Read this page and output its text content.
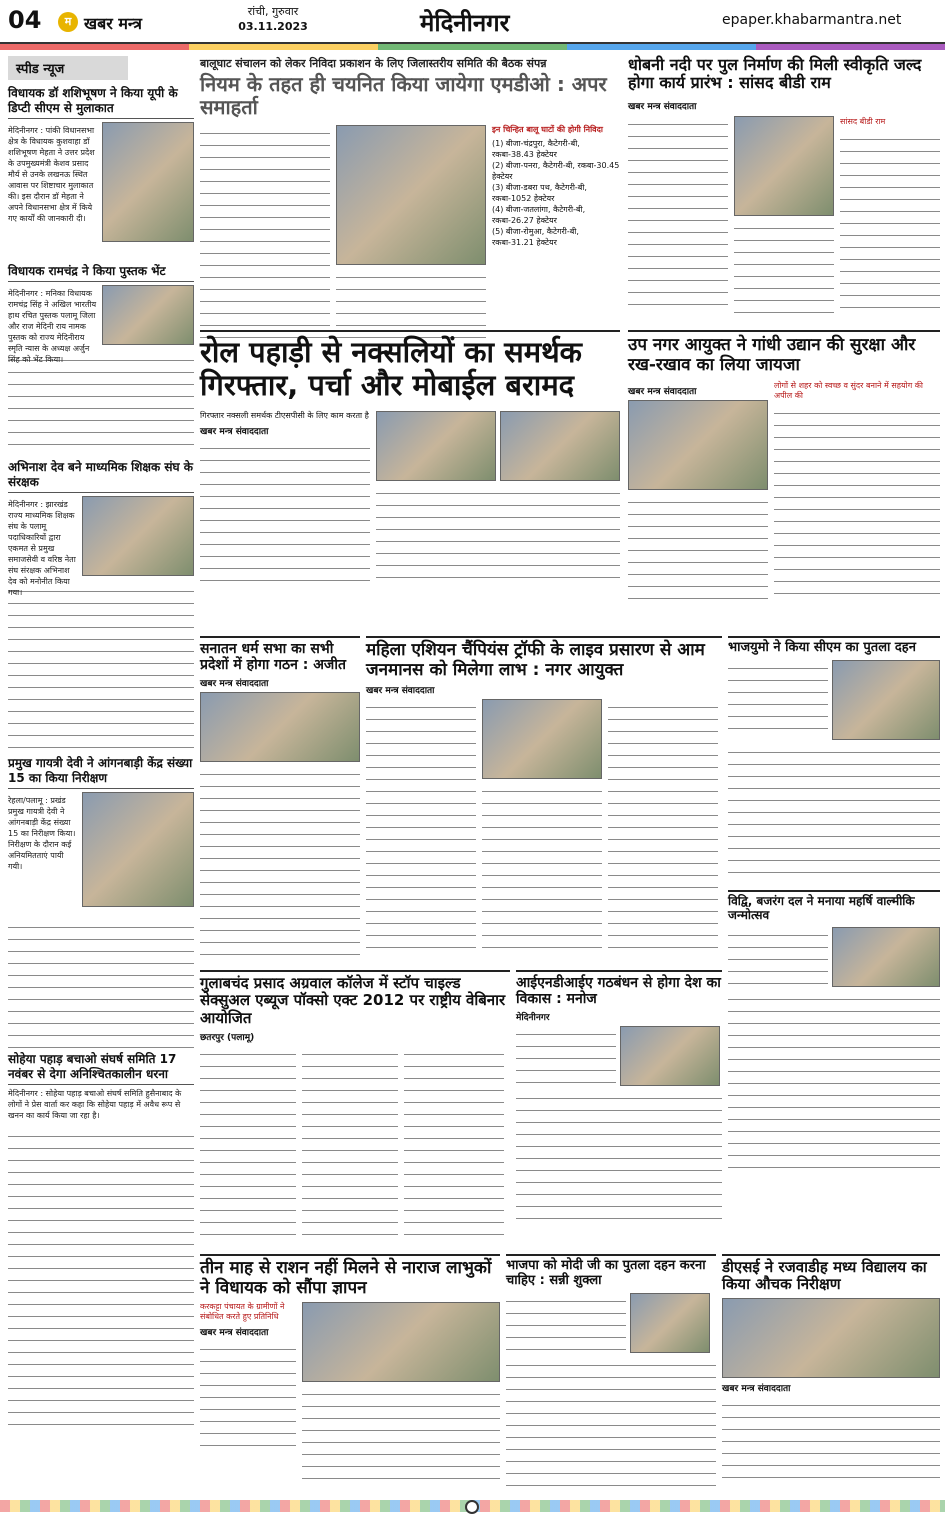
04	म खबर मन्त्र
रांची, गुरुवार
03.11.2023	मेदिनीनगर	epaper.khabarmantra.net
स्पीड न्यूज
विधायक डॉ शशिभूषण ने किया यूपी के डिप्टी सीएम से मुलाकात
मेदिनीनगर : पांकी विधानसभा क्षेत्र के विधायक कुशवाहा डॉ शशिभूषण मेहता ने उत्तर प्रदेश के उपमुख्यमंत्री केशव प्रसाद मौर्य से उनके लखनऊ स्थित आवास पर शिष्टाचार मुलाकात की। इस दौरान डॉ मेहता ने अपने विधानसभा क्षेत्र में किये गए कार्यों की जानकारी दी।
विधायक रामचंद्र ने किया पुस्तक भेंट
मेदिनीनगर : मनिका विधायक रामचंद्र सिंह ने अखिल भारतीय हाथ रचित पुस्तक पलामू जिला और राज मेदिनी राय नामक पुस्तक को राज्य मेदिनीराय स्मृति न्यास के अध्यक्ष अर्जुन सिंह को भेंट किया।
अभिनाश देव बने माध्यमिक शिक्षक संघ के संरक्षक
मेदिनीनगर : झारखंड राज्य माध्यमिक शिक्षक संघ के पलामू पदाधिकारियों द्वारा एकमत से प्रमुख समाजसेवी व वरिष्ठ नेता संघ संरक्षक अभिनाश देव को मनोनीत किया गया।
प्रमुख गायत्री देवी ने आंगनबाड़ी केंद्र संख्या 15 का किया निरीक्षण
रेहला/पलामू : प्रखंड प्रमुख गायत्री देवी ने आंगनबाड़ी केंद्र संख्या 15 का निरीक्षण किया। निरीक्षण के दौरान कई अनियमितताएं पायी गयी।
सोहेया पहाड़ बचाओ संघर्ष समिति 17 नवंबर से देगा अनिश्चितकालीन धरना
मेदिनीनगर : सोहेया पहाड़ बचाओ संघर्ष समिति हुसैनाबाद के लोगों ने प्रेस वार्ता कर कहा कि सोहेया पहाड़ में अवैध रूप से खनन का कार्य किया जा रहा है।
बालूघाट संचालन को लेकर निविदा प्रकाशन के लिए जिलास्तरीय समिति की बैठक संपन्न
नियम के तहत ही चयनित किया जायेगा एमडीओ : अपर समाहर्ता
इन चिन्हित बालू घाटों की होगी निविदा
(1) बीजा-चंद्रपुरा, कैटेगरी-बी, रकबा-38.43 हेक्टेयर
(2) बीजा-पनरा, कैटेगरी-बी, रकबा-30.45 हेक्टेयर
(3) बीजा-डबरा पथ, कैटेगरी-बी, रकबा-1052 हेक्टेयर
(4) बीजा-जतलांगा, कैटेगरी-बी, रकबा-26.27 हेक्टेयर
(5) बीजा-रोमुआ, कैटेगरी-बी, रकबा-31.21 हेक्टेयर
धोबनी नदी पर पुल निर्माण की मिली स्वीकृति जल्द होगा कार्य प्रारंभ : सांसद बीडी राम
खबर मन्त्र संवाददाता
सांसद बीडी राम
रोल पहाड़ी से नक्सलियों का समर्थक गिरफ्तार, पर्चा और मोबाईल बरामद
गिरफ्तार नक्सली समर्थक टीएसपीसी के लिए काम करता है
खबर मन्त्र संवाददाता
उप नगर आयुक्त ने गांधी उद्यान की सुरक्षा और रख-रखाव का लिया जायजा
खबर मन्त्र संवाददाता
लोगों से शहर को स्वच्छ व सुंदर बनाने में सहयोग की अपील की
सनातन धर्म सभा का सभी प्रदेशों में होगा गठन : अजीत
खबर मन्त्र संवाददाता
महिला एशियन चैंपियंस ट्रॉफी के लाइव प्रसारण से आम जनमानस को मिलेगा लाभ : नगर आयुक्त
खबर मन्त्र संवाददाता
भाजयुमो ने किया सीएम का पुतला दहन
विद्वि, बजरंग दल ने मनाया महर्षि वाल्मीकि जन्मोत्सव
गुलाबचंद प्रसाद अग्रवाल कॉलेज में स्टॉप चाइल्ड सेक्सुअल एब्यूज पॉक्सो एक्ट 2012 पर राष्ट्रीय वेबिनार आयोजित
छतरपुर (पलामू)
आईएनडीआईए गठबंधन से होगा देश का विकास : मनोज
मेदिनीनगर
तीन माह से राशन नहीं मिलने से नाराज लाभुकों ने विधायक को सौंपा ज्ञापन
करकट्टा पंचायत के ग्रामीणों ने संबोधित करते हुए प्रतिनिधि
खबर मन्त्र संवाददाता
भाजपा को मोदी जी का पुतला दहन करना चाहिए : सन्नी शुक्ला
डीएसई ने रजवाडीह मध्य विद्यालय का किया औचक निरीक्षण
खबर मन्त्र संवाददाता
